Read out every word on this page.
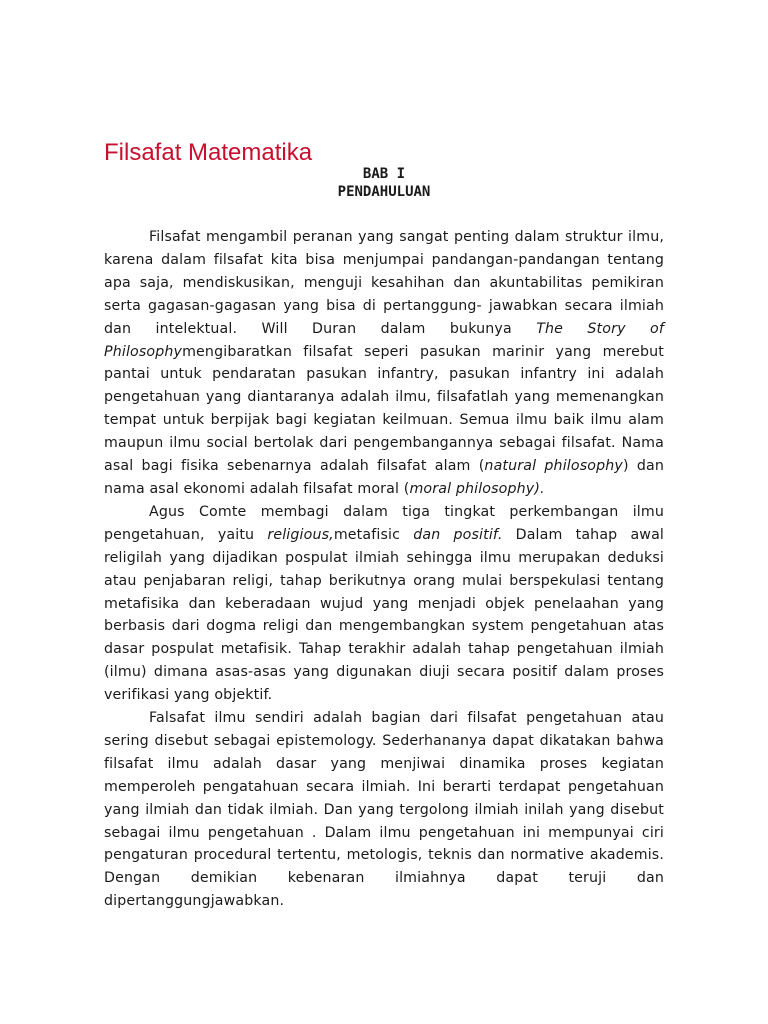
Filsafat Matematika
BAB I
PENDAHULUAN

Filsafat mengambil peranan yang sangat penting dalam struktur ilmu, karena dalam filsafat kita bisa menjumpai pandangan-pandangan tentang apa saja, mendiskusikan, menguji kesahihan dan akuntabilitas pemikiran serta gagasan-gagasan yang bisa di pertanggung- jawabkan secara ilmiah dan intelektual. Will Duran dalam bukunya The Story of Philosophymengibaratkan filsafat seperi pasukan marinir yang merebut pantai untuk pendaratan pasukan infantry, pasukan infantry ini adalah pengetahuan yang diantaranya adalah ilmu, filsafatlah yang memenangkan tempat untuk berpijak bagi kegiatan keilmuan. Semua ilmu baik ilmu alam maupun ilmu social bertolak dari pengembangannya sebagai filsafat. Nama asal bagi fisika sebenarnya adalah filsafat alam (natural philosophy) dan nama asal ekonomi adalah filsafat moral (moral philosophy).

Agus Comte membagi dalam tiga tingkat perkembangan ilmu pengetahuan, yaitu religious,metafisic dan positif. Dalam tahap awal religilah yang dijadikan pospulat ilmiah sehingga ilmu merupakan deduksi atau penjabaran religi, tahap berikutnya orang mulai berspekulasi tentang metafisika dan keberadaan wujud yang menjadi objek penelaahan yang berbasis dari dogma religi dan mengembangkan system pengetahuan atas dasar pospulat metafisik. Tahap terakhir adalah tahap pengetahuan ilmiah (ilmu) dimana asas-asas yang digunakan diuji secara positif dalam proses verifikasi yang objektif.

Falsafat ilmu sendiri adalah bagian dari filsafat pengetahuan atau sering disebut sebagai epistemology. Sederhananya dapat dikatakan bahwa filsafat ilmu adalah dasar yang menjiwai dinamika proses kegiatan memperoleh pengatahuan secara ilmiah. Ini berarti terdapat pengetahuan yang ilmiah dan tidak ilmiah. Dan yang tergolong ilmiah inilah yang disebut sebagai ilmu pengetahuan . Dalam ilmu pengetahuan ini mempunyai ciri pengaturan procedural tertentu, metologis, teknis dan normative akademis. Dengan demikian kebenaran ilmiahnya dapat teruji dan dipertanggungjawabkan.
